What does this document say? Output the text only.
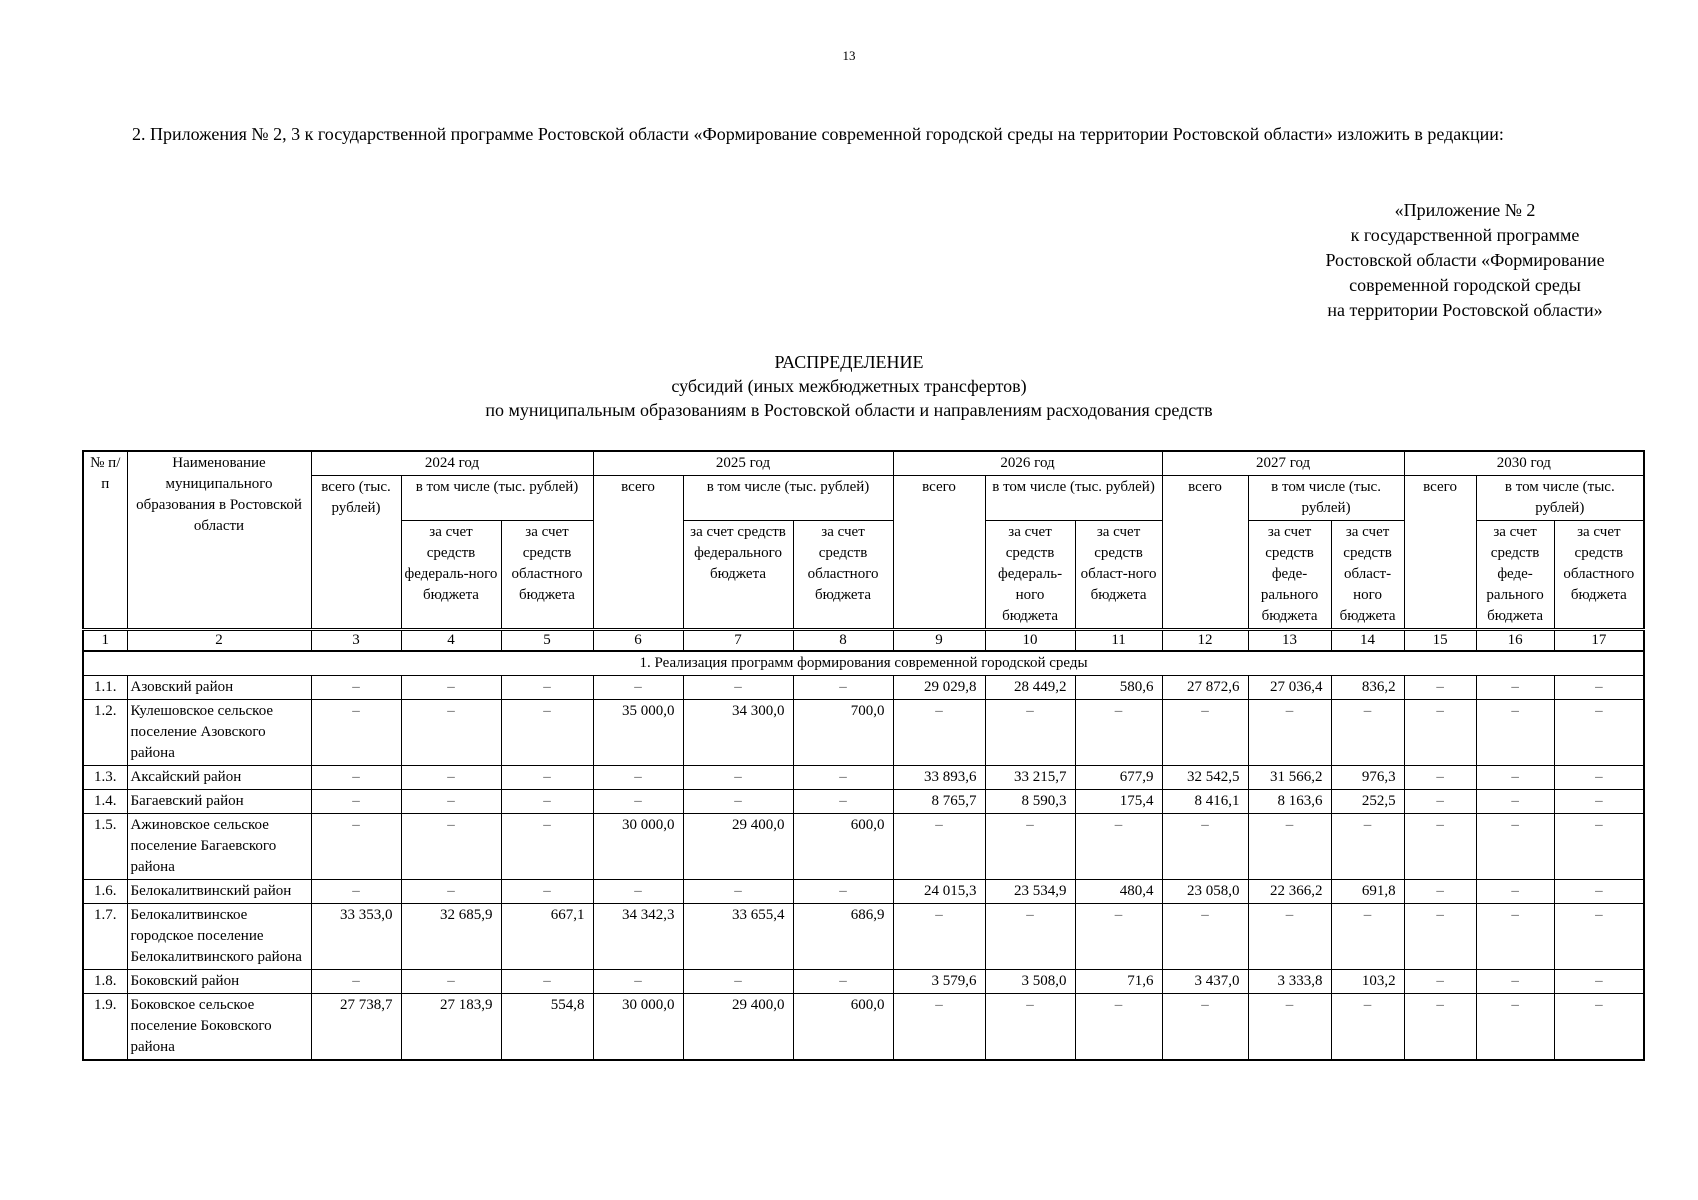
13
2. Приложения № 2, 3 к государственной программе Ростовской области «Формирование современной городской среды на территории Ростовской области» изложить в редакции:
«Приложение № 2
к государственной программе
Ростовской области «Формирование
современной городской среды
на территории Ростовской области»
РАСПРЕДЕЛЕНИЕ
субсидий (иных межбюджетных трансфертов)
по муниципальным образованиям в Ростовской области и направлениям расходования средств
№ п/п	Наименование муниципального образования в Ростовской области	2024 год			2025 год			2026 год			2027 год			2030 год		
		всего (тыс. рублей)	в том числе (тыс. рублей)		всего	в том числе (тыс. рублей)		всего	в том числе (тыс. рублей)		всего	в том числе (тыс. рублей)		всего	в том числе (тыс. рублей)	
			за счет средств федераль-ного бюджета	за счет средств областного бюджета		за счет средств федерального бюджета	за счет средств областного бюджета		за счет средств федераль-ного бюджета	за счет средств област-ного бюджета		за счет средств феде-рального бюджета	за счет средств област-ного бюджета		за счет средств феде-рального бюджета	за счет средств областного бюджета
1	2	3	4	5	6	7	8	9	10	11	12	13	14	15	16	17
1. Реализация программ формирования современной городской среды																
1.1.	Азовский район	–	–	–	–	–	–	29 029,8	28 449,2	580,6	27 872,6	27 036,4	836,2	–	–	–
1.2.	Кулешовское сельское поселение Азовского района	–	–	–	35 000,0	34 300,0	700,0	–	–	–	–	–	–	–	–	–
1.3.	Аксайский район	–	–	–	–	–	–	33 893,6	33 215,7	677,9	32 542,5	31 566,2	976,3	–	–	–
1.4.	Багаевский район	–	–	–	–	–	–	8 765,7	8 590,3	175,4	8 416,1	8 163,6	252,5	–	–	–
1.5.	Ажиновское сельское поселение Багаевского района	–	–	–	30 000,0	29 400,0	600,0	–	–	–	–	–	–	–	–	–
1.6.	Белокалитвинский район	–	–	–	–	–	–	24 015,3	23 534,9	480,4	23 058,0	22 366,2	691,8	–	–	–
1.7.	Белокалитвинское городское поселение Белокалитвинского района	33 353,0	32 685,9	667,1	34 342,3	33 655,4	686,9	–	–	–	–	–	–	–	–	–
1.8.	Боковский район	–	–	–	–	–	–	3 579,6	3 508,0	71,6	3 437,0	3 333,8	103,2	–	–	–
1.9.	Боковское сельское поселение Боковского района	27 738,7	27 183,9	554,8	30 000,0	29 400,0	600,0	–	–	–	–	–	–	–	–	–
